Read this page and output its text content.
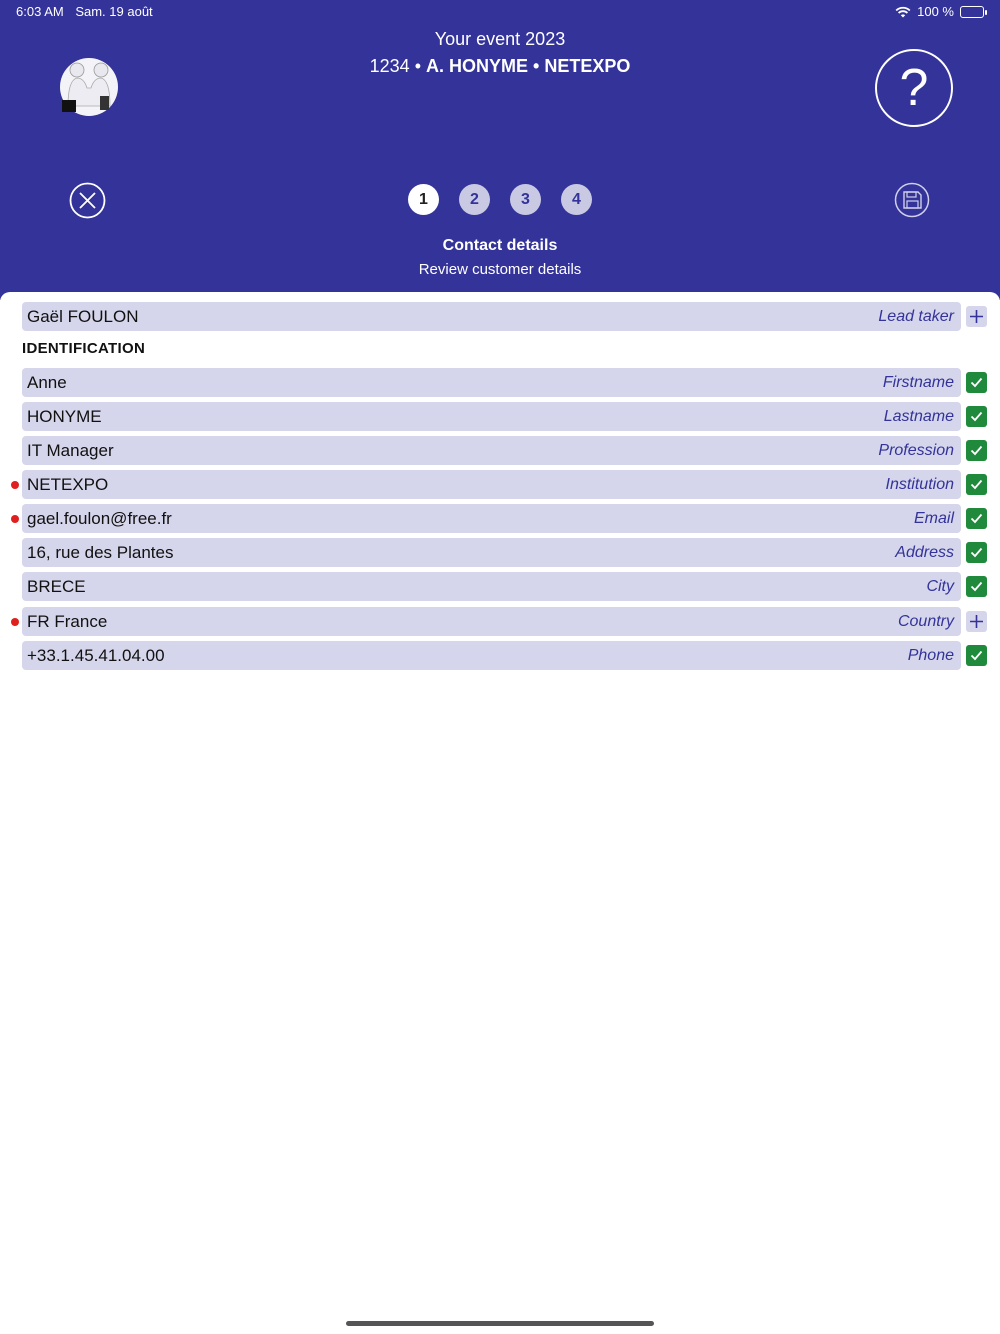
6:03 AM Sam. 19 août	100 %
Your event 2023
1234 • A. HONYME • NETEXPO	?
1	2	3	4
Contact details
Review customer details
Gaël FOULON	Lead taker
IDENTIFICATION
Anne	Firstname
HONYME	Lastname
IT Manager	Profession
NETEXPO	Institution
gael.foulon@free.fr	Email
16, rue des Plantes	Address
BRECE	City
FR France	Country
+33.1.45.41.04.00	Phone
